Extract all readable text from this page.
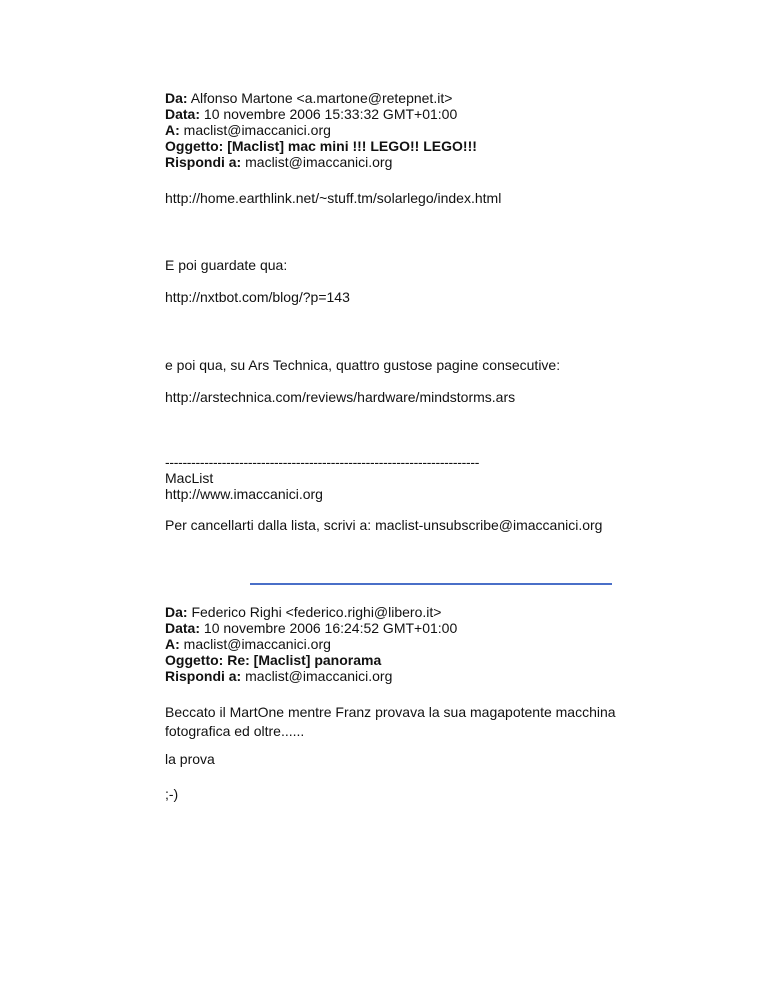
Da: Alfonso Martone <a.martone@retepnet.it>
Data: 10 novembre 2006 15:33:32 GMT+01:00
A: maclist@imaccanici.org
Oggetto: [Maclist] mac mini !!! LEGO!! LEGO!!!
Rispondi a: maclist@imaccanici.org
http://home.earthlink.net/~stuff.tm/solarlego/index.html
E poi guardate qua:
http://nxtbot.com/blog/?p=143
e poi qua, su Ars Technica, quattro gustose pagine consecutive:
http://arstechnica.com/reviews/hardware/mindstorms.ars
------------------------------------------------------------------------
MacList
http://www.imaccanici.org
Per cancellarti dalla lista, scrivi a: maclist-unsubscribe@imaccanici.org
Da: Federico Righi <federico.righi@libero.it>
Data: 10 novembre 2006 16:24:52 GMT+01:00
A: maclist@imaccanici.org
Oggetto: Re: [Maclist] panorama
Rispondi a: maclist@imaccanici.org
Beccato il MartOne mentre Franz provava la sua magapotente macchina fotografica ed oltre......
la prova
;-)
